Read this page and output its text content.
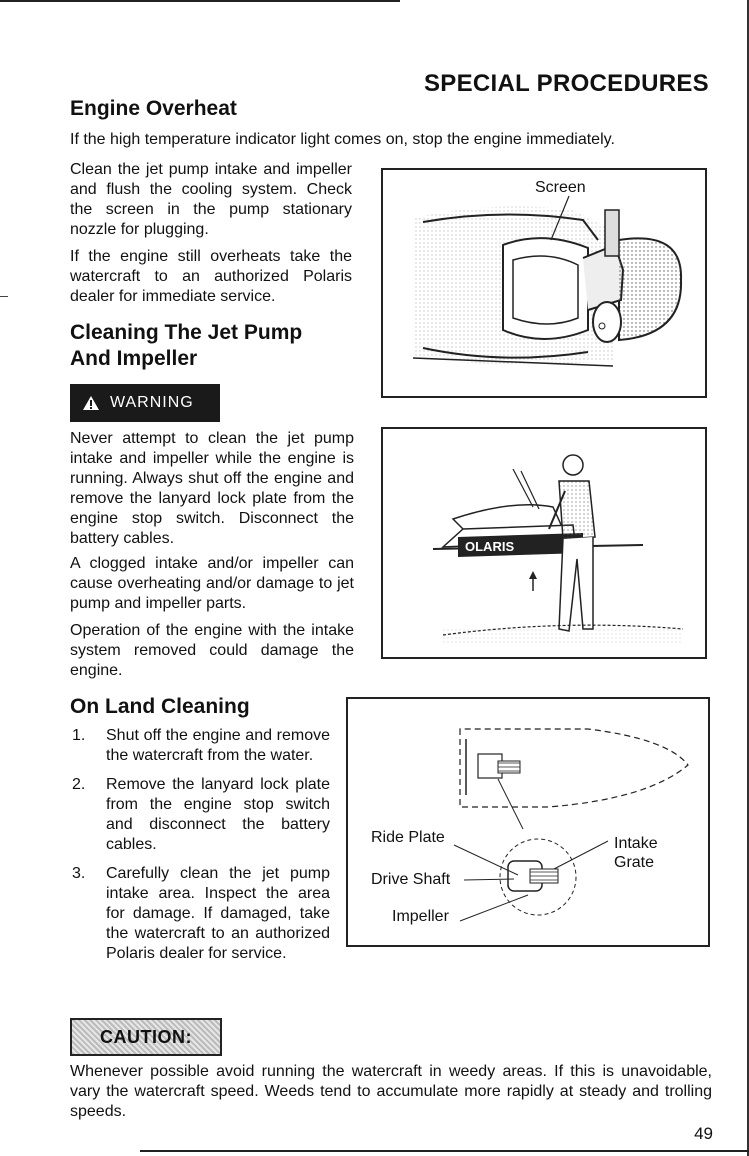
SPECIAL PROCEDURES
Engine Overheat
If the high temperature indicator light comes on, stop the engine immediately.
Clean the jet pump intake and impeller and flush the cooling system. Check the screen in the pump stationary nozzle for plugging.
If the engine still overheats take the watercraft to an authorized Polaris dealer for immediate service.
Cleaning The Jet Pump
And Impeller
WARNING
Never attempt to clean the jet pump intake and impeller while the engine is running. Always shut off the engine and remove the lanyard lock plate from the engine stop switch. Disconnect the battery cables.
A clogged intake and/or impeller can cause overheating and/or damage to jet pump and impeller parts.
Operation of the engine with the intake system removed could damage the engine.
On Land Cleaning
1.	Shut off the engine and remove the watercraft from the water.
2.	Remove the lanyard lock plate from the engine stop switch and disconnect the battery cables.
3.	Carefully clean the jet pump intake area. Inspect the area for damage. If damaged, take the watercraft to an authorized Polaris dealer for service.
Screen
OLARIS
Ride Plate
Drive Shaft
Impeller
Intake
Grate
CAUTION:
Whenever possible avoid running the watercraft in weedy areas. If this is unavoidable, vary the watercraft speed. Weeds tend to accumulate more rapidly at steady and trolling speeds.
49
